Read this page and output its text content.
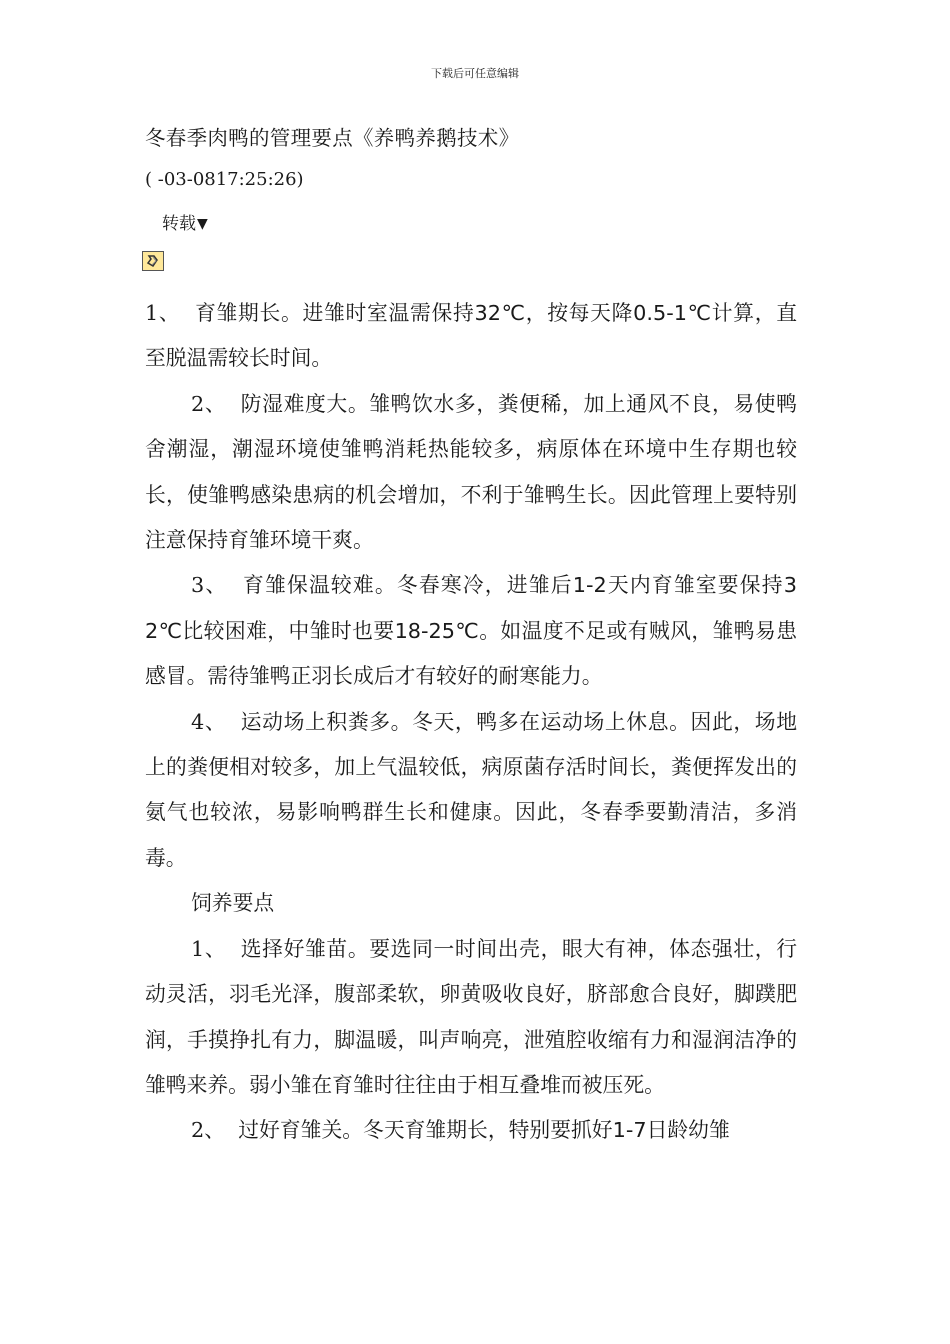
下载后可任意编辑
冬春季肉鸭的管理要点《养鸭养鹅技术》
( -03-0817:25:26)
转载▼

1、 育雏期长。进雏时室温需保持32℃，按每天降0.5-1℃计算，直至脱温需较长时间。

2、 防湿难度大。雏鸭饮水多，粪便稀，加上通风不良，易使鸭舍潮湿，潮湿环境使雏鸭消耗热能较多，病原体在环境中生存期也较长，使雏鸭感染患病的机会增加，不利于雏鸭生长。因此管理上要特别注意保持育雏环境干爽。

3、 育雏保温较难。冬春寒冷，进雏后1-2天内育雏室要保持32℃比较困难，中雏时也要18-25℃。如温度不足或有贼风，雏鸭易患感冒。需待雏鸭正羽长成后才有较好的耐寒能力。

4、 运动场上积粪多。冬天，鸭多在运动场上休息。因此，场地上的粪便相对较多，加上气温较低，病原菌存活时间长，粪便挥发出的氨气也较浓，易影响鸭群生长和健康。因此，冬春季要勤清洁，多消毒。

饲养要点

1、 选择好雏苗。要选同一时间出壳，眼大有神，体态强壮，行动灵活，羽毛光泽，腹部柔软，卵黄吸收良好，脐部愈合良好，脚蹼肥润，手摸挣扎有力，脚温暖，叫声响亮，泄殖腔收缩有力和湿润洁净的雏鸭来养。弱小雏在育雏时往往由于相互叠堆而被压死。

2、 过好育雏关。冬天育雏期长，特别要抓好1-7日龄幼雏
